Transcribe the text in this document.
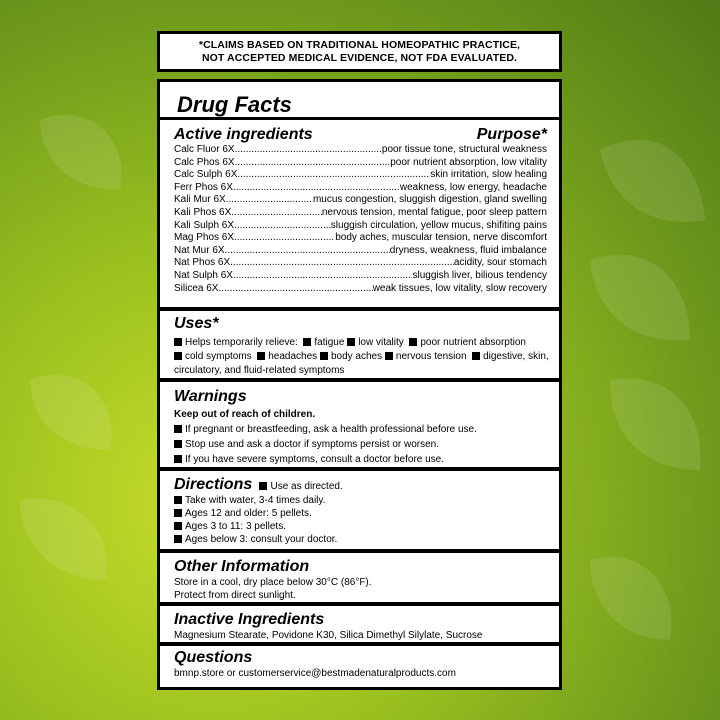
*CLAIMS BASED ON TRADITIONAL HOMEOPATHIC PRACTICE,
NOT ACCEPTED MEDICAL EVIDENCE, NOT FDA EVALUATED.
Drug Facts
Active ingredients	Purpose*
Calc Fluor 6X .....	poor tissue tone, structural weakness
Calc Phos 6X .....	poor nutrient absorption, low vitality
Calc Sulph 6X .....	skin irritation, slow healing
Ferr Phos 6X .....	weakness, low energy, headache
Kali Mur 6X .....	mucus congestion, sluggish digestion, gland swelling
Kali Phos 6X .....	nervous tension, mental fatigue, poor sleep pattern
Kali Sulph 6X .....	sluggish circulation, yellow mucus, shifiting pains
Mag Phos 6X .....	body aches, muscular tension, nerve discomfort
Nat Mur 6X .....	dryness, weakness, fluid imbalance
Nat Phos 6X .....	acidity, sour stomach
Nat Sulph 6X .....	sluggish liver, bilious tendency
Silicea 6X .....	weak tissues, low vitality, slow recovery
Uses*
Helps temporarily relieve: fatigue low vitality poor nutrient absorption
cold symptoms headaches body aches nervous tension digestive, skin,
circulatory, and fluid-related symptoms
Warnings
Keep out of reach of children.
If pregnant or breastfeeding, ask a health professional before use.
Stop use and ask a doctor if symptoms persist or worsen.
If you have severe symptoms, consult a doctor before use.
Directions Use as directed.
Take with water, 3-4 times daily.
Ages 12 and older: 5 pellets.
Ages 3 to 11: 3 pellets.
Ages below 3: consult your doctor.
Other Information
Store in a cool, dry place below 30°C (86°F).
Protect from direct sunlight.
Inactive Ingredients
Magnesium Stearate, Povidone K30, Silica Dimethyl Silylate, Sucrose
Questions
bmnp.store or customerservice@bestmadenaturalproducts.com
